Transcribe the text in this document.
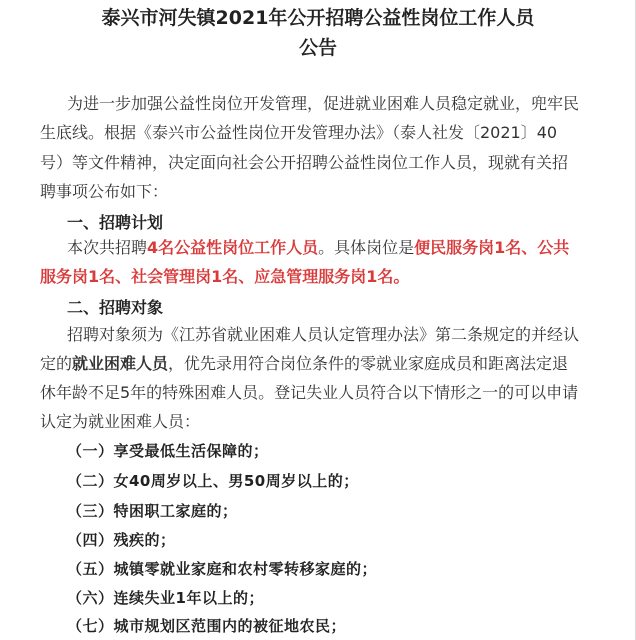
泰兴市河失镇2021年公开招聘公益性岗位工作人员
公告
为进一步加强公益性岗位开发管理，促进就业困难人员稳定就业，兜牢民
生底线。根据《泰兴市公益性岗位开发管理办法》（泰人社发〔2021〕40
号）等文件精神，决定面向社会公开招聘公益性岗位工作人员，现就有关招
聘事项公布如下：
一、招聘计划
本次共招聘4名公益性岗位工作人员。具体岗位是便民服务岗1名、公共
服务岗1名、社会管理岗1名、应急管理服务岗1名。
二、招聘对象
招聘对象须为《江苏省就业困难人员认定管理办法》第二条规定的并经认
定的就业困难人员，优先录用符合岗位条件的零就业家庭成员和距离法定退
休年龄不足5年的特殊困难人员。登记失业人员符合以下情形之一的可以申请
认定为就业困难人员：
（一）享受最低生活保障的；
（二）女40周岁以上、男50周岁以上的；
（三）特困职工家庭的；
（四）残疾的；
（五）城镇零就业家庭和农村零转移家庭的；
（六）连续失业1年以上的；
（七）城市规划区范围内的被征地农民；
